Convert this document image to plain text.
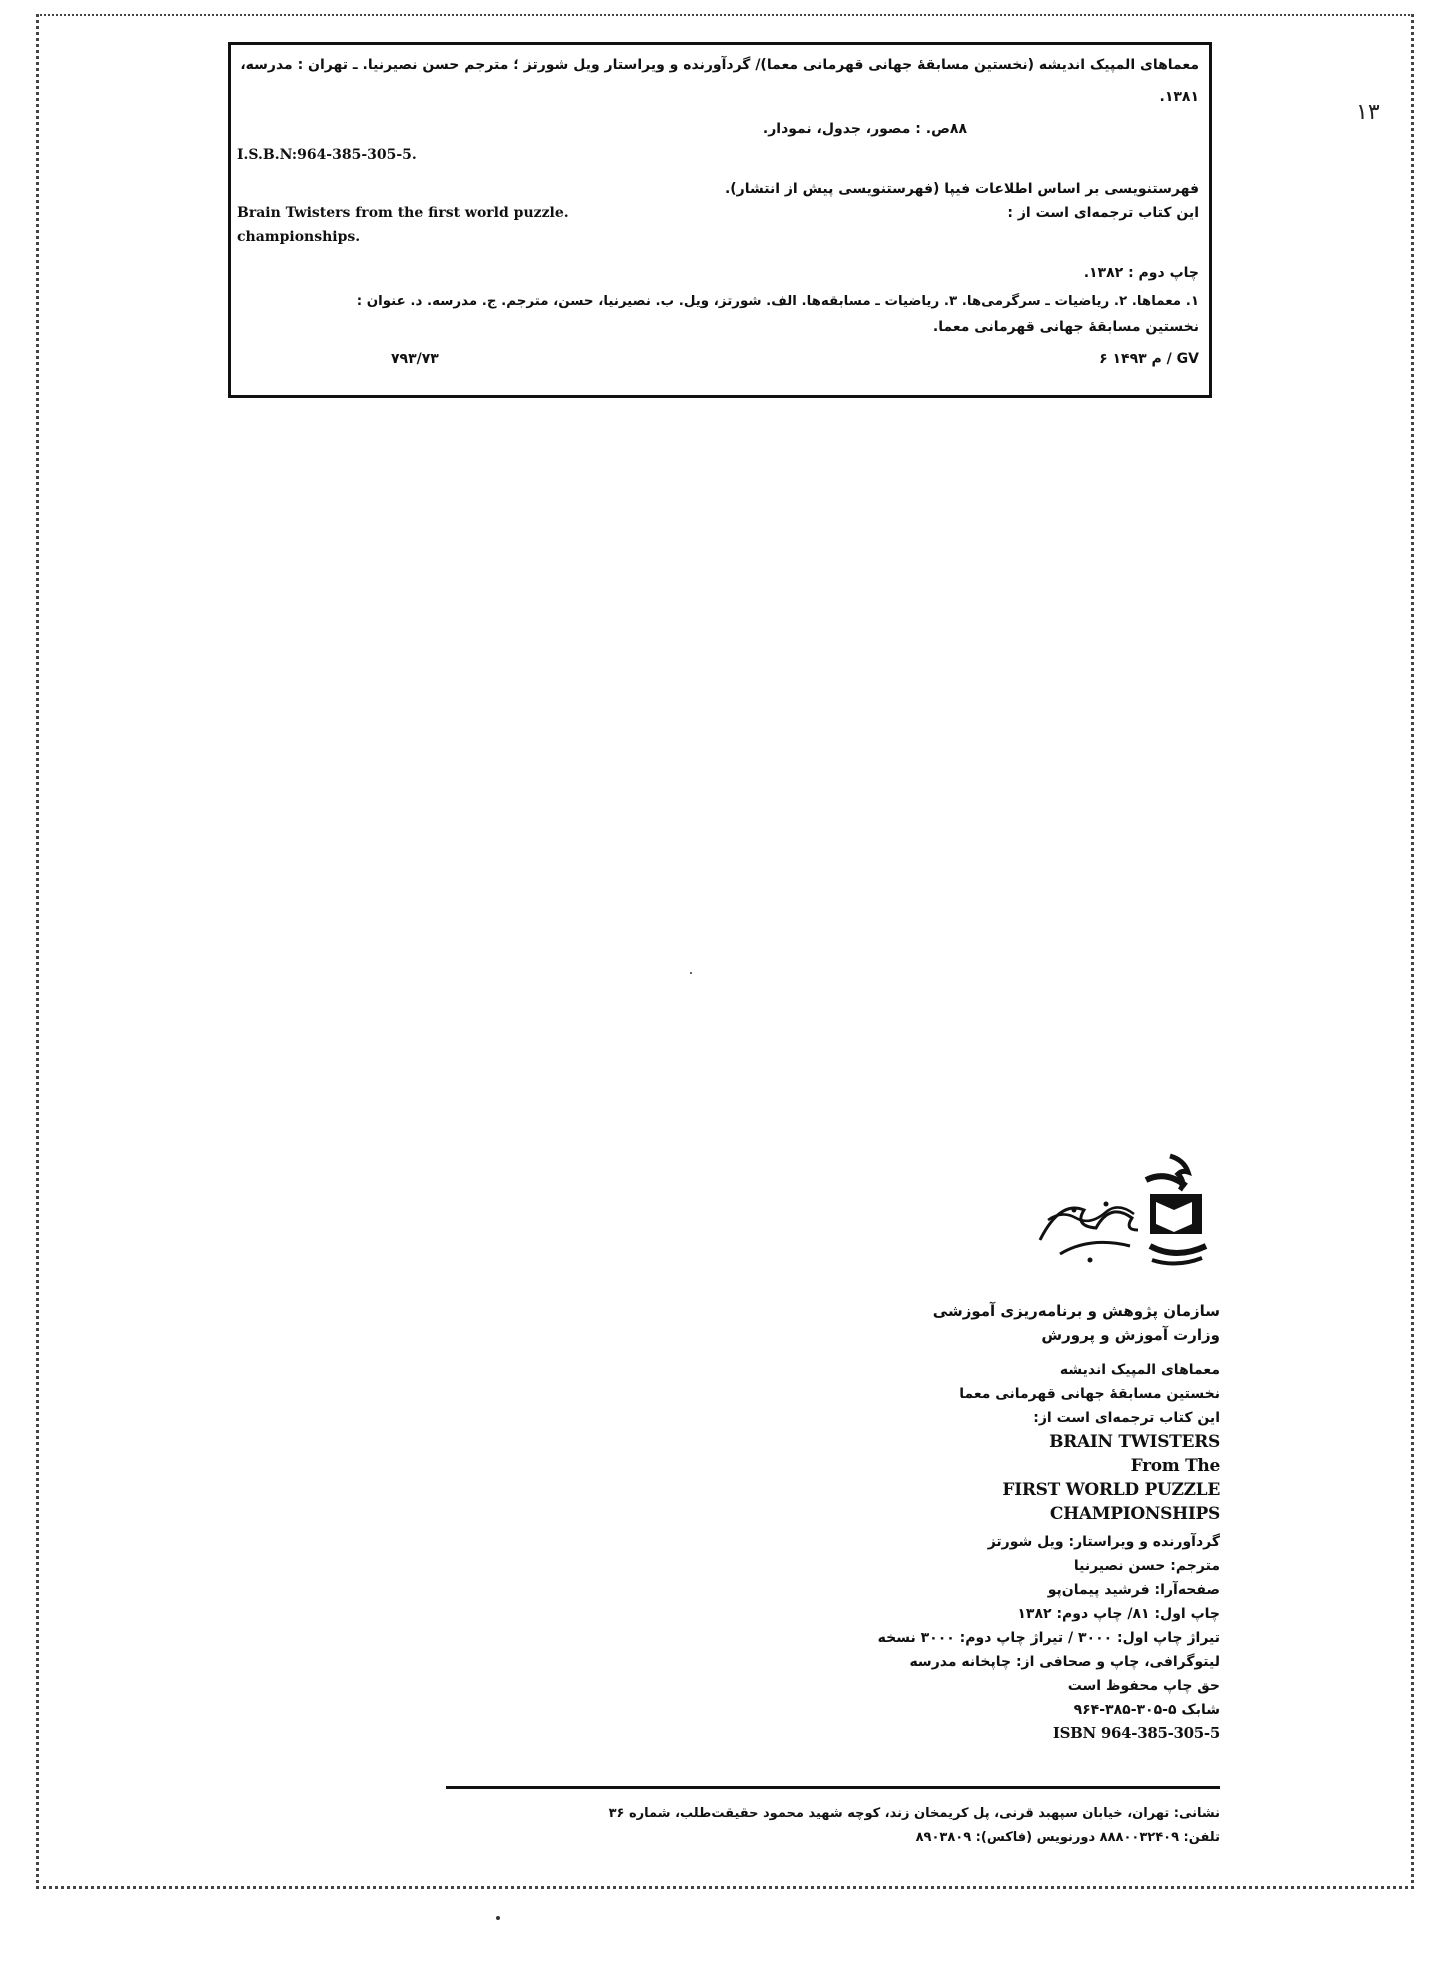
۱۳
معماهای المپیک اندیشه (نخستین مسابقهٔ جهانی قهرمانی معما)/ گردآورنده و ویراستار ویل شورتز ؛ مترجم حسن نصیرنیا. ـ تهران : مدرسه،
۱۳۸۱.
۸۸ص. : مصور، جدول، نمودار.
I.S.B.N:964-385-305-5.
فهرستنویسی بر اساس اطلاعات فیپا (فهرستنویسی پیش از انتشار).
Brain Twisters from the first world puzzle.	این کتاب ترجمه‌ای است از :
championships.
چاپ دوم : ۱۳۸۲.
۱. معماها. ۲. ریاضیات ـ سرگرمی‌ها. ۳. ریاضیات ـ مسابقه‌ها. الف. شورتز، ویل. ب. نصیرنیا، حسن، مترجم. ج. مدرسه. د. عنوان :
نخستین مسابقهٔ جهانی قهرمانی معما.
۶ م ۱۴۹۳ / GV
۷۹۳/۷۳
سازمان پژوهش و برنامه‌ریزی آموزشی
وزارت آموزش و پرورش
معماهای المپیک اندیشه
نخستین مسابقهٔ جهانی قهرمانی معما
این کتاب ترجمه‌ای است از:
BRAIN TWISTERS
From The
FIRST WORLD PUZZLE
CHAMPIONSHIPS
گردآورنده و ویراستار: ویل شورتز
مترجم: حسن نصیرنیا
صفحه‌آرا: فرشید پیمان‌پو
چاپ اول: ۸۱/ چاپ دوم: ۱۳۸۲
تیراژ چاپ اول: ۳۰۰۰ / تیراژ چاپ دوم: ۳۰۰۰ نسخه
لیتوگرافی، چاپ و صحافی از: چاپخانه مدرسه
حق چاپ محفوظ است
شابک ۵-۳۰۵-۳۸۵-۹۶۴
ISBN 964-385-305-5
نشانی: تهران، خیابان سپهبد قرنی، پل کریمخان زند، کوچه شهید محمود حقیقت‌طلب، شماره ۳۶
تلفن: ۸۸۸۰۰۳۲۴۰۹ دورنویس (فاکس): ۸۹۰۳۸۰۹
